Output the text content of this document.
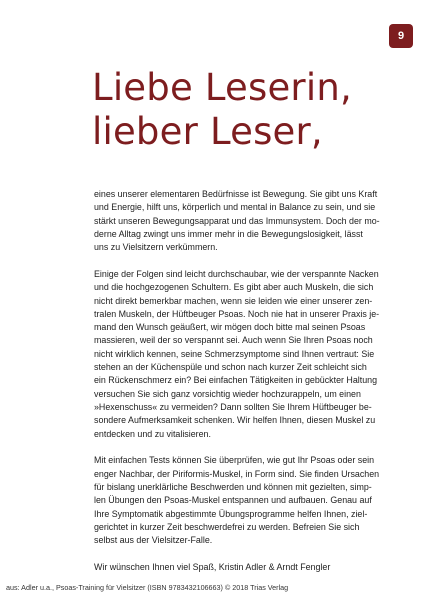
9
Liebe Leserin,
lieber Leser,

eines unserer elementaren Bedürfnisse ist Bewegung. Sie gibt uns Kraft
und Energie, hilft uns, körperlich und mental in Balance zu sein, und sie
stärkt unseren Bewegungsapparat und das Immunsystem. Doch der mo-
derne Alltag zwingt uns immer mehr in die Bewegungslosigkeit, lässt
uns zu Vielsitzern verkümmern.

Einige der Folgen sind leicht durchschaubar, wie der verspannte Nacken
und die hochgezogenen Schultern. Es gibt aber auch Muskeln, die sich
nicht direkt bemerkbar machen, wenn sie leiden wie einer unserer zen-
tralen Muskeln, der Hüftbeuger Psoas. Noch nie hat in unserer Praxis je-
mand den Wunsch geäußert, wir mögen doch bitte mal seinen Psoas
massieren, weil der so verspannt sei. Auch wenn Sie Ihren Psoas noch
nicht wirklich kennen, seine Schmerzsymptome sind Ihnen vertraut: Sie
stehen an der Küchenspüle und schon nach kurzer Zeit schleicht sich
ein Rückenschmerz ein? Bei einfachen Tätigkeiten in gebückter Haltung
versuchen Sie sich ganz vorsichtig wieder hochzurappeln, um einen
»Hexenschuss« zu vermeiden? Dann sollten Sie Ihrem Hüftbeuger be-
sondere Aufmerksamkeit schenken. Wir helfen Ihnen, diesen Muskel zu
entdecken und zu vitalisieren.

Mit einfachen Tests können Sie überprüfen, wie gut Ihr Psoas oder sein
enger Nachbar, der Piriformis-Muskel, in Form sind. Sie finden Ursachen
für bislang unerklärliche Beschwerden und können mit gezielten, simp-
len Übungen den Psoas-Muskel entspannen und aufbauen. Genau auf
Ihre Symptomatik abgestimmte Übungsprogramme helfen Ihnen, ziel-
gerichtet in kurzer Zeit beschwerdefrei zu werden. Befreien Sie sich
selbst aus der Vielsitzer-Falle.

Wir wünschen Ihnen viel Spaß, Kristin Adler & Arndt Fengler

aus: Adler u.a., Psoas-Training für Vielsitzer (ISBN 9783432106663) © 2018 Trias Verlag
